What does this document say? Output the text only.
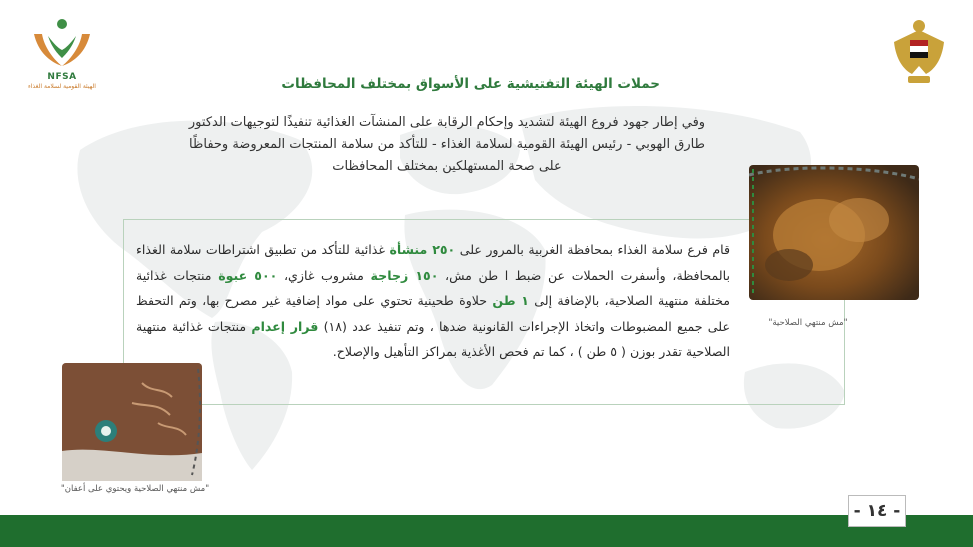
NFSA
الهيئة القومية لسلامة الغذاء	حملات الهيئة التفتيشية على الأسواق بمختلف المحافظات
وفي إطار جهود فروع الهيئة لتشديد وإحكام الرقابة على المنشآت الغذائية تنفيذًا لتوجيهات الدكتور
طارق الهوبي - رئيس الهيئة القومية لسلامة الغذاء - للتأكد من سلامة المنتجات المعروضة وحفاظًا
على صحة المستهلكين بمختلف المحافظات
قام فرع سلامة الغذاء بمحافظة الغربية بالمرور على ٢٥٠ منشأة غذائية للتأكد من تطبيق اشتراطات سلامة الغذاء بالمحافظة، وأسفرت الحملات عن ضبط ا طن مش، ١٥٠ زجاجة مشروب غازي، ٥٠٠ عبوة منتجات غذائية مختلفة منتهية الصلاحية، بالإضافة إلى ١ طن حلاوة طحينية تحتوي على مواد إضافية غير مصرح بها، وتم التحفظ على جميع المضبوطات واتخاذ الإجراءات القانونية ضدها ، وتم تنفيذ عدد (١٨) قرار إعدام منتجات غذائية منتهية الصلاحية تقدر بوزن ( ٥ طن ) ، كما تم فحص الأغذية بمراكز التأهيل والإصلاح.
"مش منتهي الصلاحية"
"مش منتهي الصلاحية ويحتوي على أعفان"
- ١٤ -
